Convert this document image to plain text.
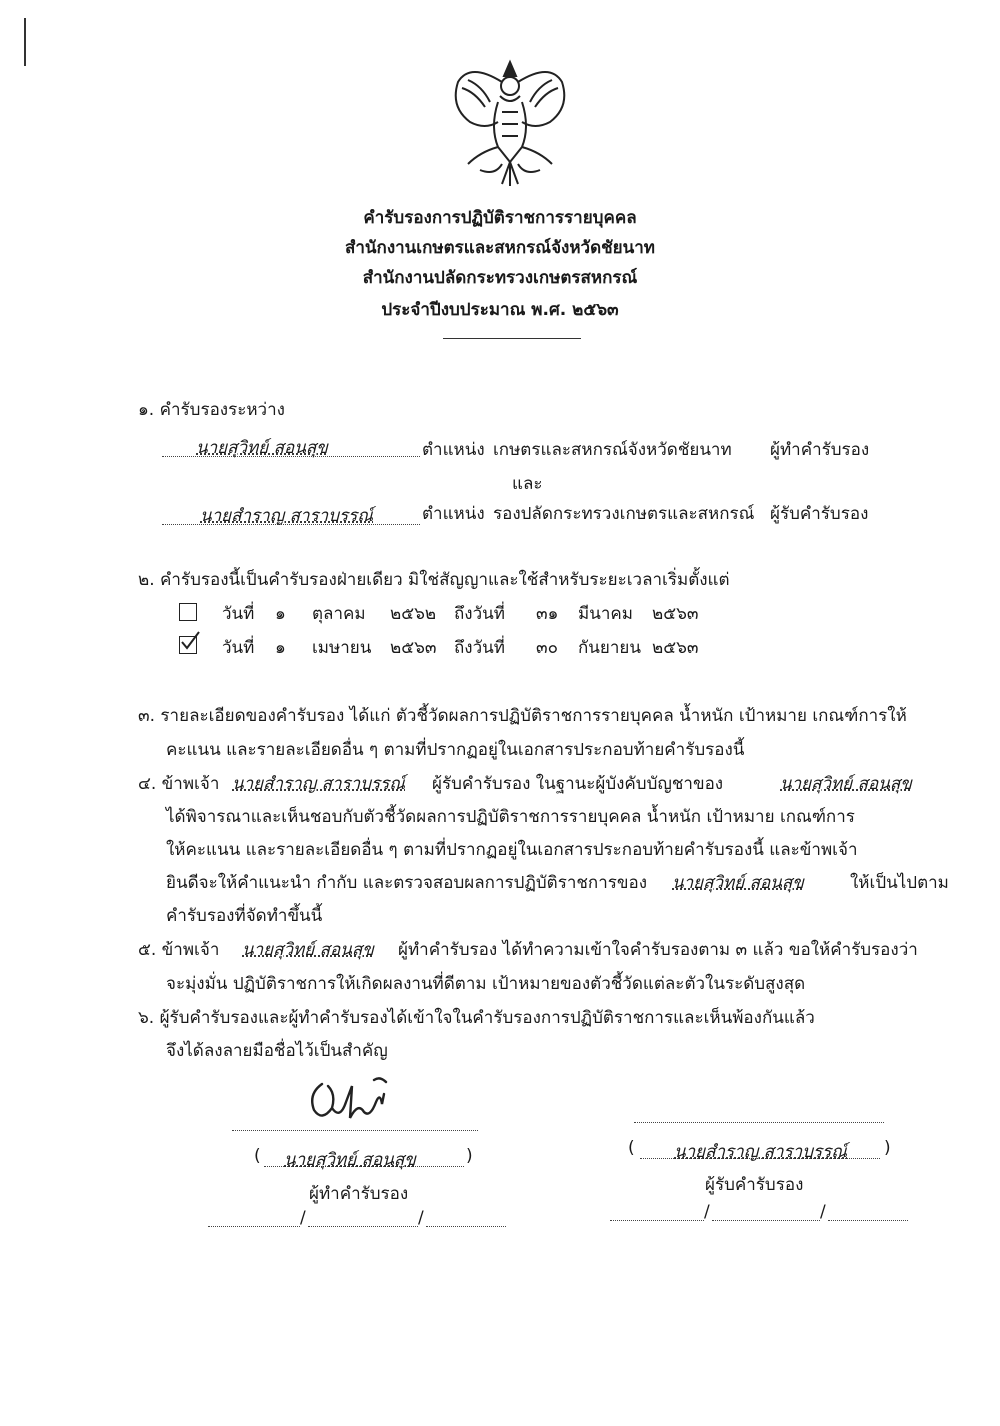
คำรับรองการปฏิบัติราชการรายบุคคล
สำนักงานเกษตรและสหกรณ์จังหวัดชัยนาท
สำนักงานปลัดกระทรวงเกษตรสหกรณ์
ประจำปีงบประมาณ พ.ศ. ๒๕๖๓
๑. คำรับรองระหว่าง
นายสุวิทย์ สอนสุข	ตำแหน่ง เกษตรและสหกรณ์จังหวัดชัยนาท ผู้ทำคำรับรอง
และ
นายสำราญ สาราบรรณ์	ตำแหน่ง รองปลัดกระทรวงเกษตรและสหกรณ์ ผู้รับคำรับรอง
๒. คำรับรองนี้เป็นคำรับรองฝ่ายเดียว มิใช่สัญญาและใช้สำหรับระยะเวลาเริ่มตั้งแต่
วันที่ ๑ ตุลาคม ๒๕๖๒ ถึงวันที่ ๓๑ มีนาคม ๒๕๖๓
วันที่ ๑ เมษายน ๒๕๖๓ ถึงวันที่ ๓๐ กันยายน ๒๕๖๓
๓. รายละเอียดของคำรับรอง ได้แก่ ตัวชี้วัดผลการปฏิบัติราชการรายบุคคล น้ำหนัก เป้าหมาย เกณฑ์การให้
คะแนน และรายละเอียดอื่น ๆ ตามที่ปรากฏอยู่ในเอกสารประกอบท้ายคำรับรองนี้
๔. ข้าพเจ้า นายสำราญ สาราบรรณ์ ผู้รับคำรับรอง ในฐานะผู้บังคับบัญชาของ	นายสุวิทย์ สอนสุข
ได้พิจารณาและเห็นชอบกับตัวชี้วัดผลการปฏิบัติราชการรายบุคคล น้ำหนัก เป้าหมาย เกณฑ์การ
ให้คะแนน และรายละเอียดอื่น ๆ ตามที่ปรากฏอยู่ในเอกสารประกอบท้ายคำรับรองนี้ และข้าพเจ้า
ยินดีจะให้คำแนะนำ กำกับ และตรวจสอบผลการปฏิบัติราชการของ นายสุวิทย์ สอนสุข	ให้เป็นไปตาม
คำรับรองที่จัดทำขึ้นนี้
๕. ข้าพเจ้า นายสุวิทย์ สอนสุข ผู้ทำคำรับรอง ได้ทำความเข้าใจคำรับรองตาม ๓ แล้ว ขอให้คำรับรองว่า
จะมุ่งมั่น ปฏิบัติราชการให้เกิดผลงานที่ดีตาม เป้าหมายของตัวชี้วัดแต่ละตัวในระดับสูงสุด
๖. ผู้รับคำรับรองและผู้ทำคำรับรองได้เข้าใจในคำรับรองการปฏิบัติราชการและเห็นพ้องกันแล้ว
จึงได้ลงลายมือชื่อไว้เป็นสำคัญ
( นายสุวิทย์ สอนสุข	)
ผู้ทำคำรับรอง
/	/
( นายสำราญ สาราบรรณ์ )
ผู้รับคำรับรอง
/	/
